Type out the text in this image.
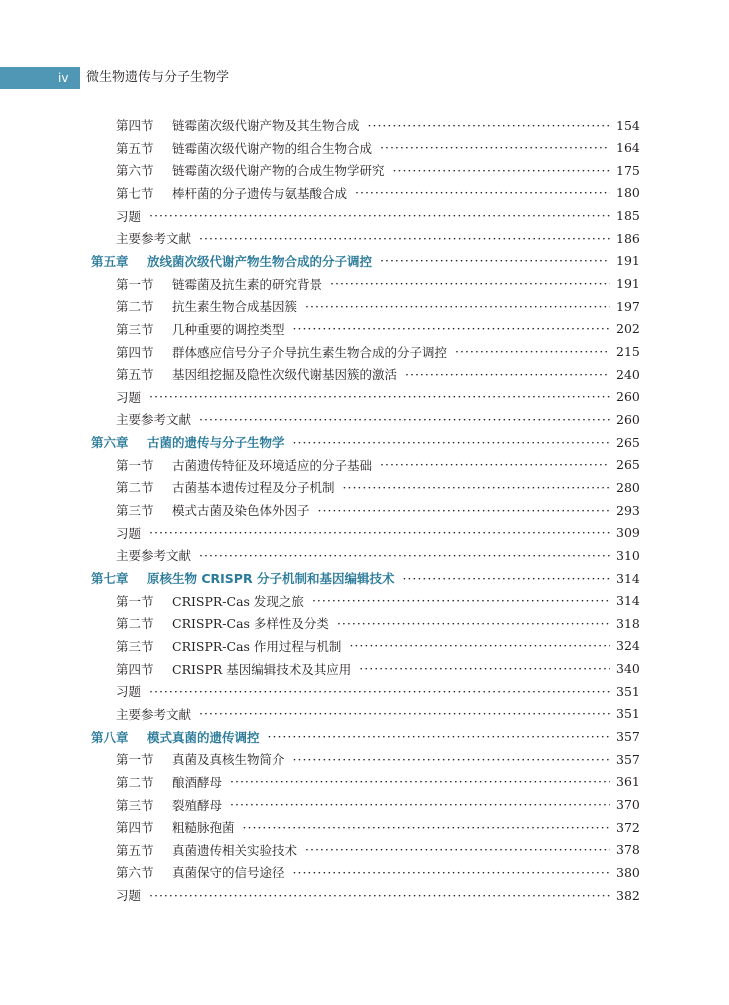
iv	微生物遗传与分子生物学
第四节	链霉菌次级代谢产物及其生物合成 ·····	154
第五节	链霉菌次级代谢产物的组合生物合成 ·····	164
第六节	链霉菌次级代谢产物的合成生物学研究 ·····	175
第七节	棒杆菌的分子遗传与氨基酸合成 ·····	180
习题 ·····	185
主要参考文献 ·····	186
第五章	放线菌次级代谢产物生物合成的分子调控 ·····	191
第一节	链霉菌及抗生素的研究背景 ·····	191
第二节	抗生素生物合成基因簇 ·····	197
第三节	几种重要的调控类型 ·····	202
第四节	群体感应信号分子介导抗生素生物合成的分子调控 ·····	215
第五节	基因组挖掘及隐性次级代谢基因簇的激活 ·····	240
习题 ·····	260
主要参考文献 ·····	260
第六章	古菌的遗传与分子生物学 ·····	265
第一节	古菌遗传特征及环境适应的分子基础 ·····	265
第二节	古菌基本遗传过程及分子机制 ·····	280
第三节	模式古菌及染色体外因子 ·····	293
习题 ·····	309
主要参考文献 ·····	310
第七章	原核生物 CRISPR 分子机制和基因编辑技术 ·····	314
第一节	CRISPR-Cas 发现之旅 ·····	314
第二节	CRISPR-Cas 多样性及分类 ·····	318
第三节	CRISPR-Cas 作用过程与机制 ·····	324
第四节	CRISPR 基因编辑技术及其应用 ·····	340
习题 ·····	351
主要参考文献 ·····	351
第八章	模式真菌的遗传调控 ·····	357
第一节	真菌及真核生物简介 ·····	357
第二节	酿酒酵母 ·····	361
第三节	裂殖酵母 ·····	370
第四节	粗糙脉孢菌 ·····	372
第五节	真菌遗传相关实验技术 ·····	378
第六节	真菌保守的信号途径 ·····	380
习题 ·····	382
